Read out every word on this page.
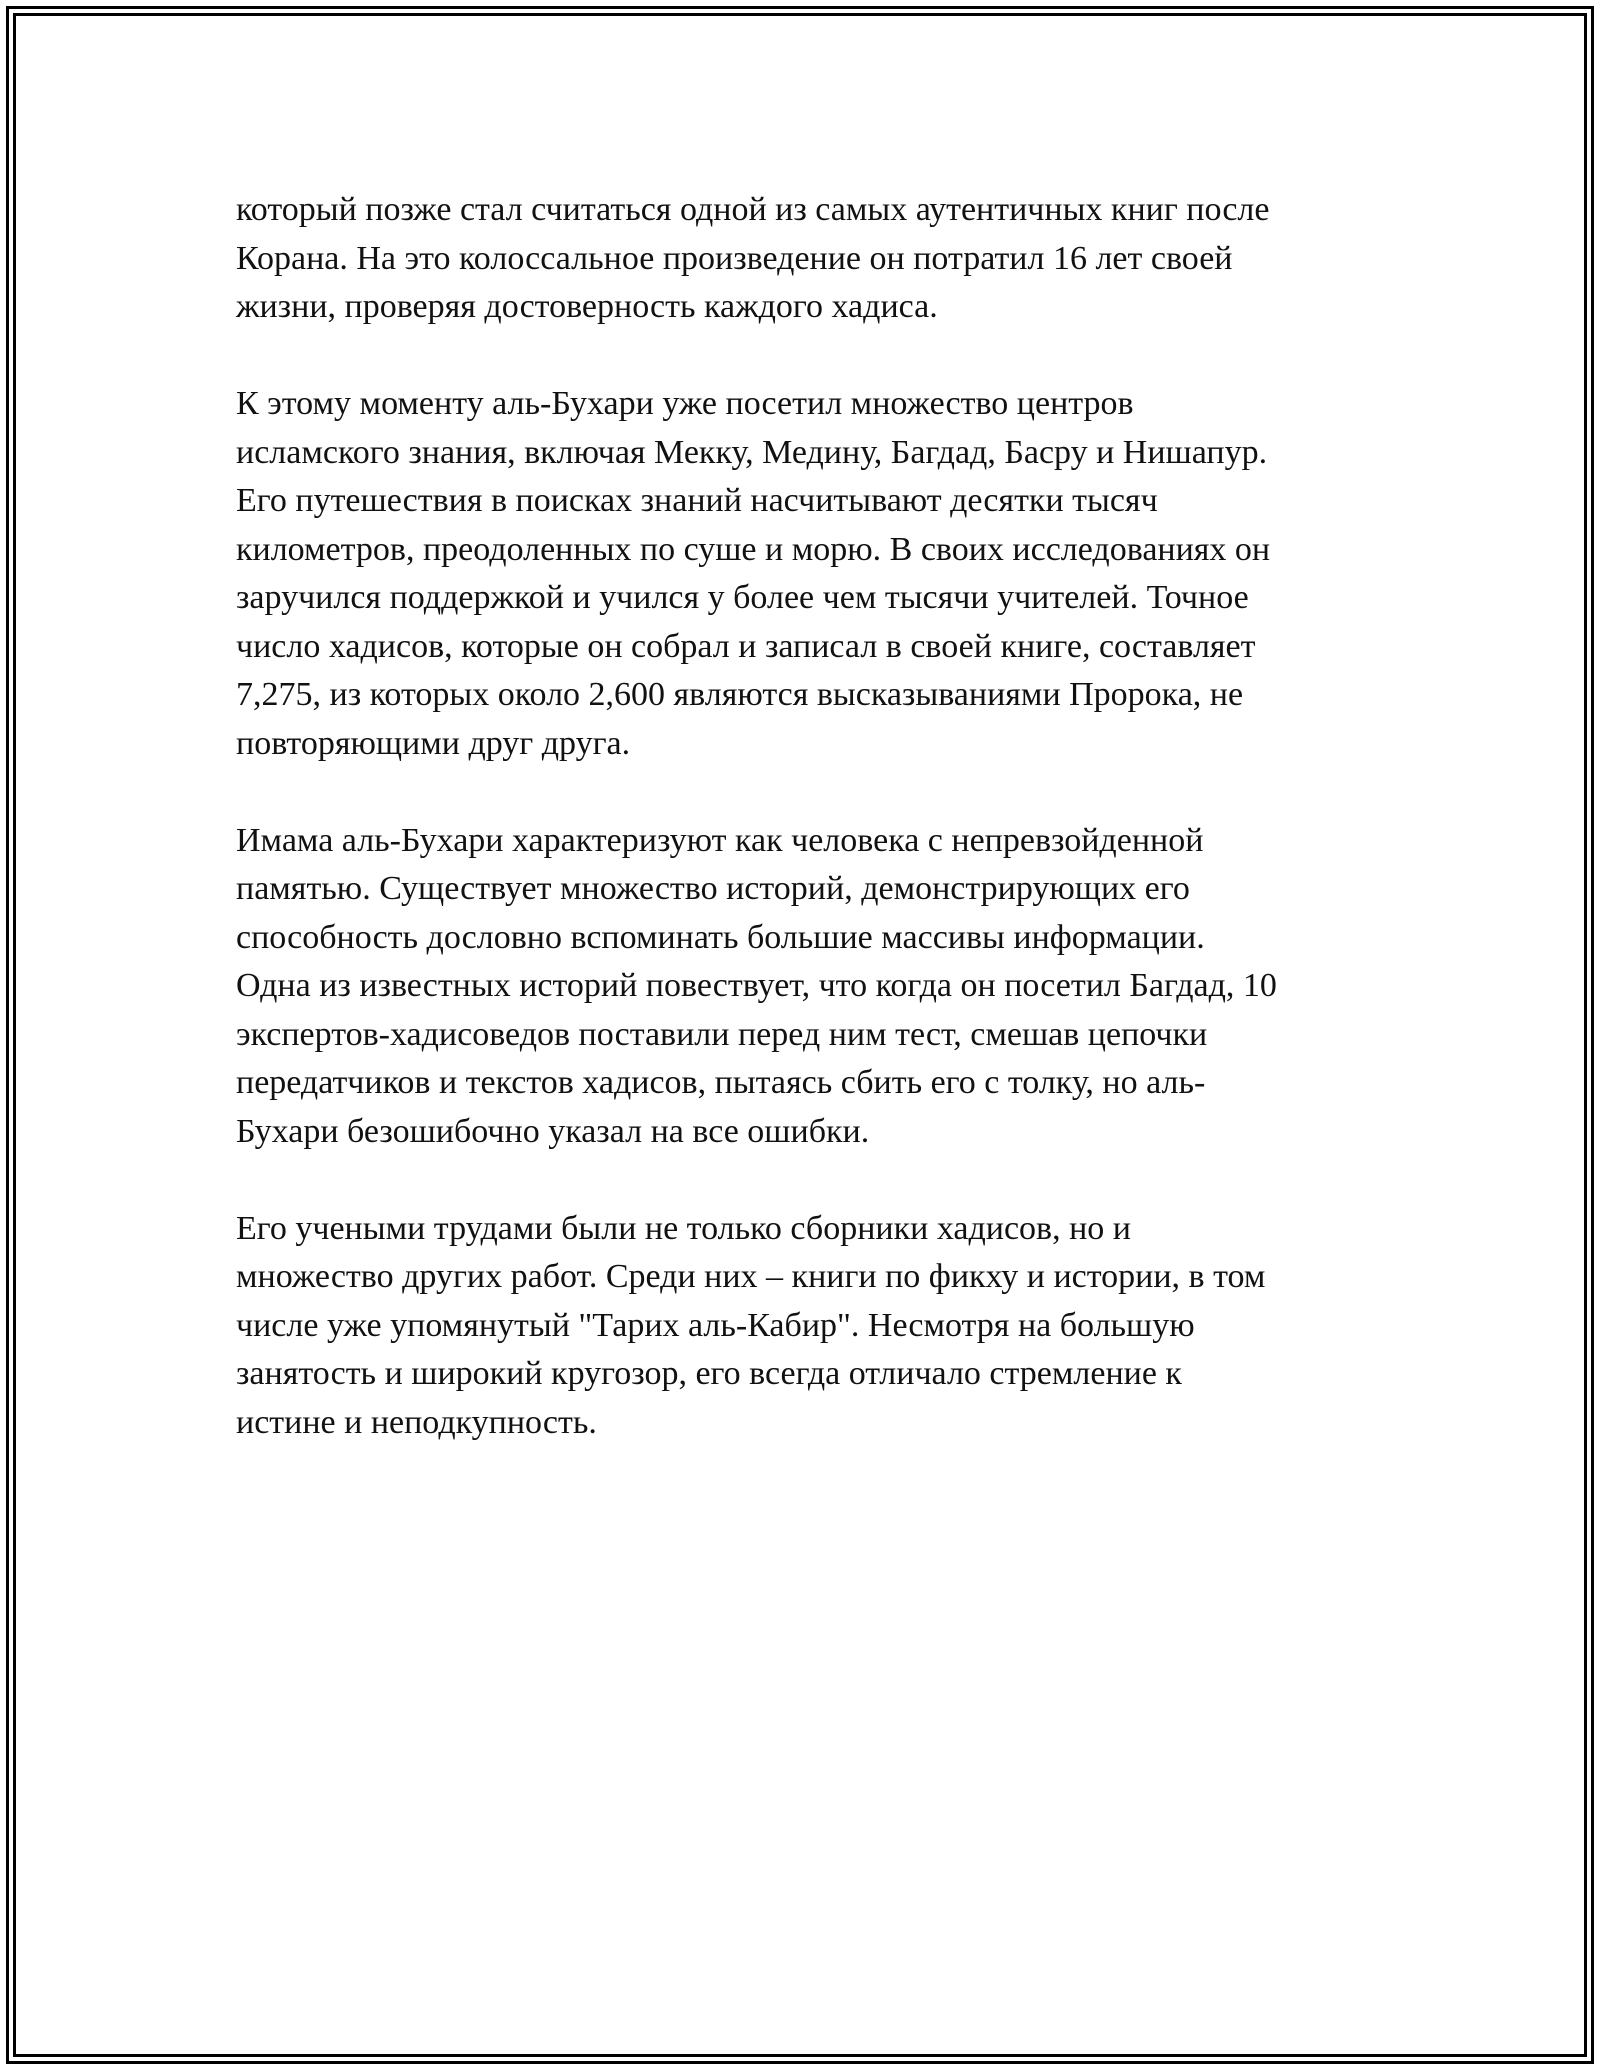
который позже стал считаться одной из самых аутентичных книг после
Корана. На это колоссальное произведение он потратил 16 лет своей
жизни, проверяя достоверность каждого хадиса.

К этому моменту аль-Бухари уже посетил множество центров
исламского знания, включая Мекку, Медину, Багдад, Басру и Нишапур.
Его путешествия в поисках знаний насчитывают десятки тысяч
километров, преодоленных по суше и морю. В своих исследованиях он
заручился поддержкой и учился у более чем тысячи учителей. Точное
число хадисов, которые он собрал и записал в своей книге, составляет
7,275, из которых около 2,600 являются высказываниями Пророка, не
повторяющими друг друга.

Имама аль-Бухари характеризуют как человека с непревзойденной
памятью. Существует множество историй, демонстрирующих его
способность дословно вспоминать большие массивы информации.
Одна из известных историй повествует, что когда он посетил Багдад, 10
экспертов-хадисоведов поставили перед ним тест, смешав цепочки
передатчиков и текстов хадисов, пытаясь сбить его с толку, но аль-
Бухари безошибочно указал на все ошибки.

Его учеными трудами были не только сборники хадисов, но и
множество других работ. Среди них – книги по фикху и истории, в том
числе уже упомянутый "Тарих аль-Кабир". Несмотря на большую
занятость и широкий кругозор, его всегда отличало стремление к
истине и неподкупность.
